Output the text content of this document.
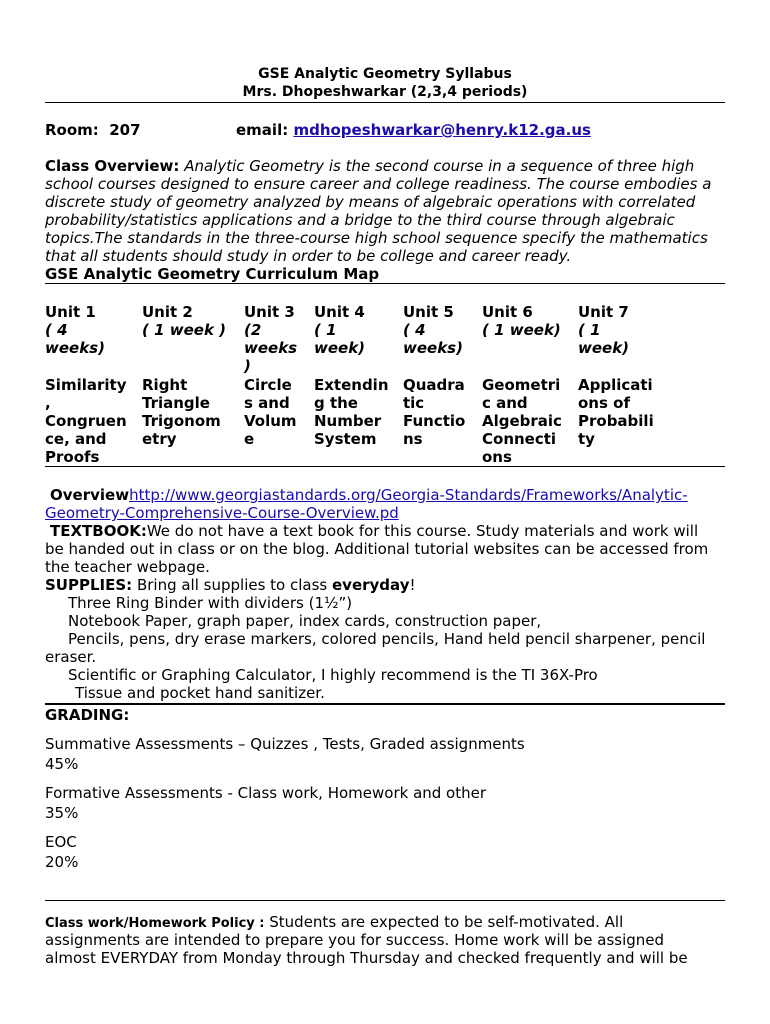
GSE Analytic Geometry Syllabus
Mrs. Dhopeshwarkar (2,3,4 periods)
Room: 207	email: mdhopeshwarkar@henry.k12.ga.us
Class Overview: Analytic Geometry is the second course in a sequence of three high
school courses designed to ensure career and college readiness. The course embodies a
discrete study of geometry analyzed by means of algebraic operations with correlated
probability/statistics applications and a bridge to the third course through algebraic
topics.The standards in the three-course high school sequence specify the mathematics
that all students should study in order to be college and career ready.
GSE Analytic Geometry Curriculum Map
Unit 1
( 4
weeks)
Similarity
,
Congruen
ce, and
Proofs
Unit 2
( 1 week )
Right
Triangle
Trigonom
etry
Unit 3
(2
weeks
)
Circle
s and
Volum
e
Unit 4
( 1
week)
Extendin
g the
Number
System
Unit 5
( 4
weeks)
Quadra
tic
Functio
ns
Unit 6
( 1 week)
Geometri
c and
Algebraic
Connecti
ons
Unit 7
( 1
week)
Applicati
ons of
Probabili
ty
Overviewhttp://www.georgiastandards.org/Georgia-Standards/Frameworks/Analytic-
Geometry-Comprehensive-Course-Overview.pd
TEXTBOOK:We do not have a text book for this course. Study materials and work will
be handed out in class or on the blog. Additional tutorial websites can be accessed from
the teacher webpage.
SUPPLIES: Bring all supplies to class everyday!
Three Ring Binder with dividers (1½”)
Notebook Paper, graph paper, index cards, construction paper,
Pencils, pens, dry erase markers, colored pencils, Hand held pencil sharpener, pencil
eraser.
Scientific or Graphing Calculator, I highly recommend is the TI 36X-Pro
Tissue and pocket hand sanitizer.
GRADING:
Summative Assessments – Quizzes , Tests, Graded assignments
45%
Formative Assessments - Class work, Homework and other
35%
EOC
20%
Class work/Homework Policy : Students are expected to be self-motivated. All
assignments are intended to prepare you for success. Home work will be assigned
almost EVERYDAY from Monday through Thursday and checked frequently and will be
